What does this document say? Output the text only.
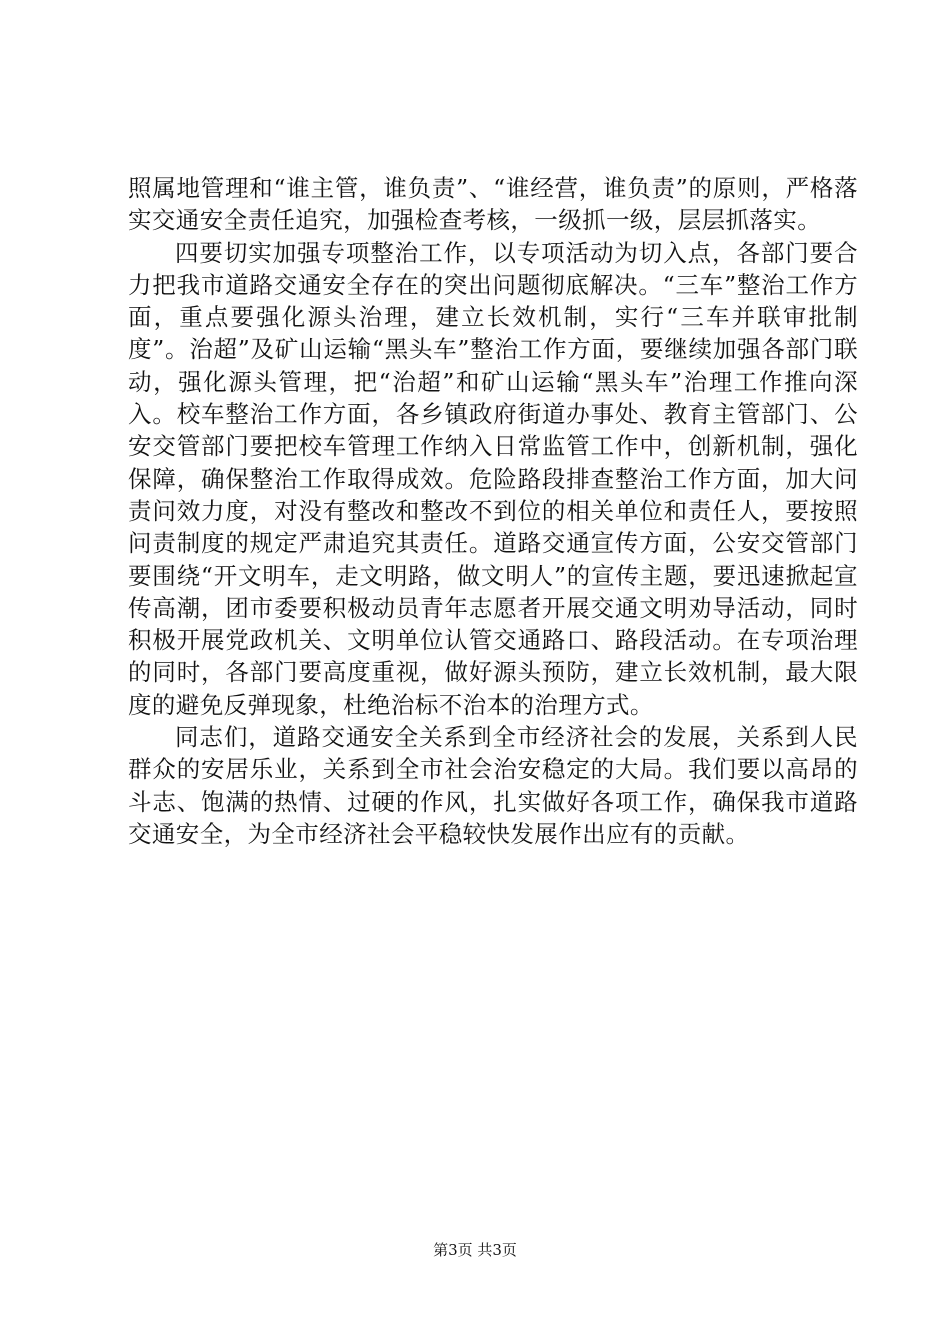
照属地管理和“谁主管，谁负责”、“谁经营，谁负责”的原则，严格落实交通安全责任追究，加强检查考核，一级抓一级，层层抓落实。

四要切实加强专项整治工作，以专项活动为切入点，各部门要合力把我市道路交通安全存在的突出问题彻底解决。“三车”整治工作方面，重点要强化源头治理，建立长效机制，实行“三车并联审批制度”。治超”及矿山运输“黑头车”整治工作方面，要继续加强各部门联动，强化源头管理，把“治超”和矿山运输“黑头车”治理工作推向深入。校车整治工作方面，各乡镇政府街道办事处、教育主管部门、公安交管部门要把校车管理工作纳入日常监管工作中，创新机制，强化保障，确保整治工作取得成效。危险路段排查整治工作方面，加大问责问效力度，对没有整改和整改不到位的相关单位和责任人，要按照问责制度的规定严肃追究其责任。道路交通宣传方面，公安交管部门要围绕“开文明车，走文明路，做文明人”的宣传主题，要迅速掀起宣传高潮，团市委要积极动员青年志愿者开展交通文明劝导活动，同时积极开展党政机关、文明单位认管交通路口、路段活动。在专项治理的同时，各部门要高度重视，做好源头预防，建立长效机制，最大限度的避免反弹现象，杜绝治标不治本的治理方式。

同志们，道路交通安全关系到全市经济社会的发展，关系到人民群众的安居乐业，关系到全市社会治安稳定的大局。我们要以高昂的斗志、饱满的热情、过硬的作风，扎实做好各项工作，确保我市道路交通安全，为全市经济社会平稳较快发展作出应有的贡献。

第3页 共3页
